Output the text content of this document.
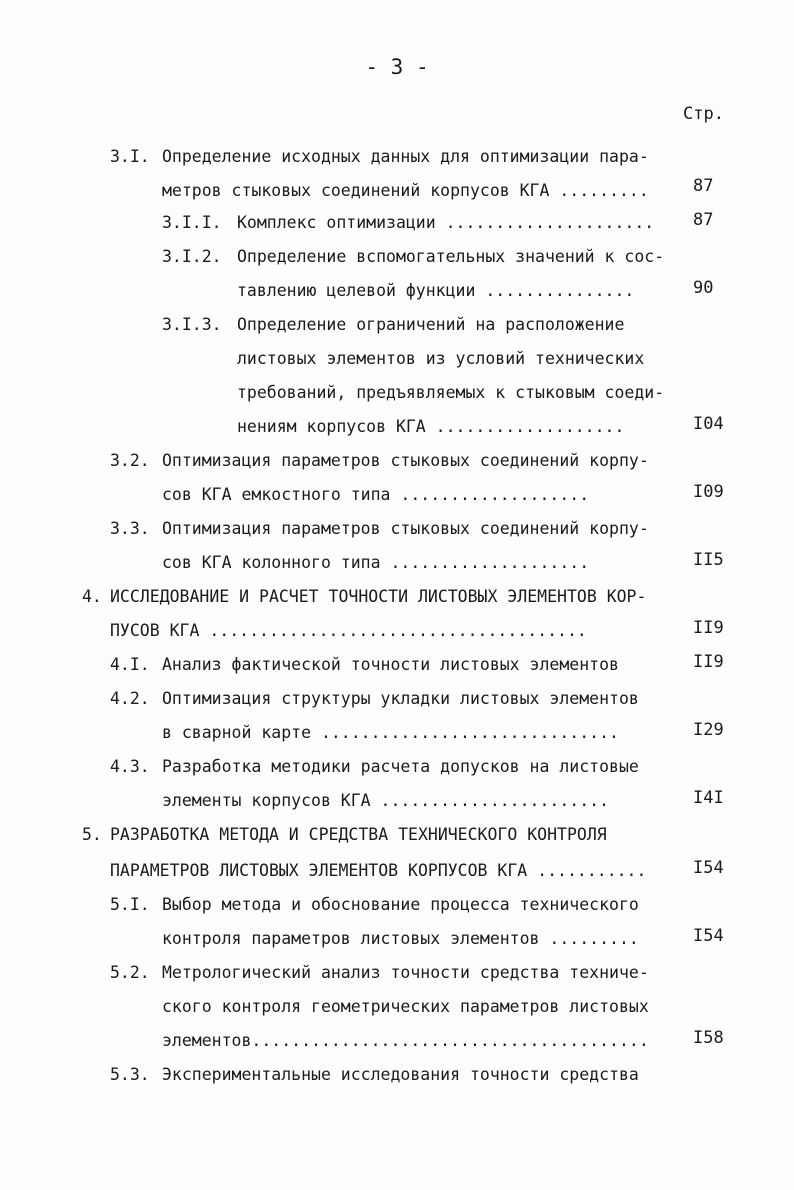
- 3 -
Стр.
3.I. Определение исходных данных для оптимизации пара-
метров стыковых соединений корпусов КГА .........	87
3.I.I. Комплекс оптимизации ..................... 87
3.I.2. Определение вспомогательных значений к сос-
тавлению целевой функции ...............	90
3.I.3. Определение ограничений на расположение
листовых элементов из условий технических
требований, предъявляемых к стыковым соеди-
нениям корпусов КГА ...................	I04
3.2. Оптимизация параметров стыковых соединений корпу-
сов КГА емкостного типа ...................	I09
3.3. Оптимизация параметров стыковых соединений корпу-
сов КГА колонного типа ....................	II5
4. ИССЛЕДОВАНИЕ И РАСЧЕТ ТОЧНОСТИ ЛИСТОВЫХ ЭЛЕМЕНТОВ КОР-
ПУСОВ КГА ......................................	II9
4.I. Анализ фактической точности листовых элементов	II9
4.2. Оптимизация структуры укладки листовых элементов
в сварной карте ..............................	I29
4.3. Разработка методики расчета допусков на листовые
элементы корпусов КГА .......................	I4I
5. РАЗРАБОТКА МЕТОДА И СРЕДСТВА ТЕХНИЧЕСКОГО КОНТРОЛЯ
ПАРАМЕТРОВ ЛИСТОВЫХ ЭЛЕМЕНТОВ КОРПУСОВ КГА ...........	I54
5.I. Выбор метода и обоснование процесса технического
контроля параметров листовых элементов .........	I54
5.2. Метрологический анализ точности средства техниче-
ского контроля геометрических параметров листовых
элементов........................................	I58
5.3. Экспериментальные исследования точности средства
